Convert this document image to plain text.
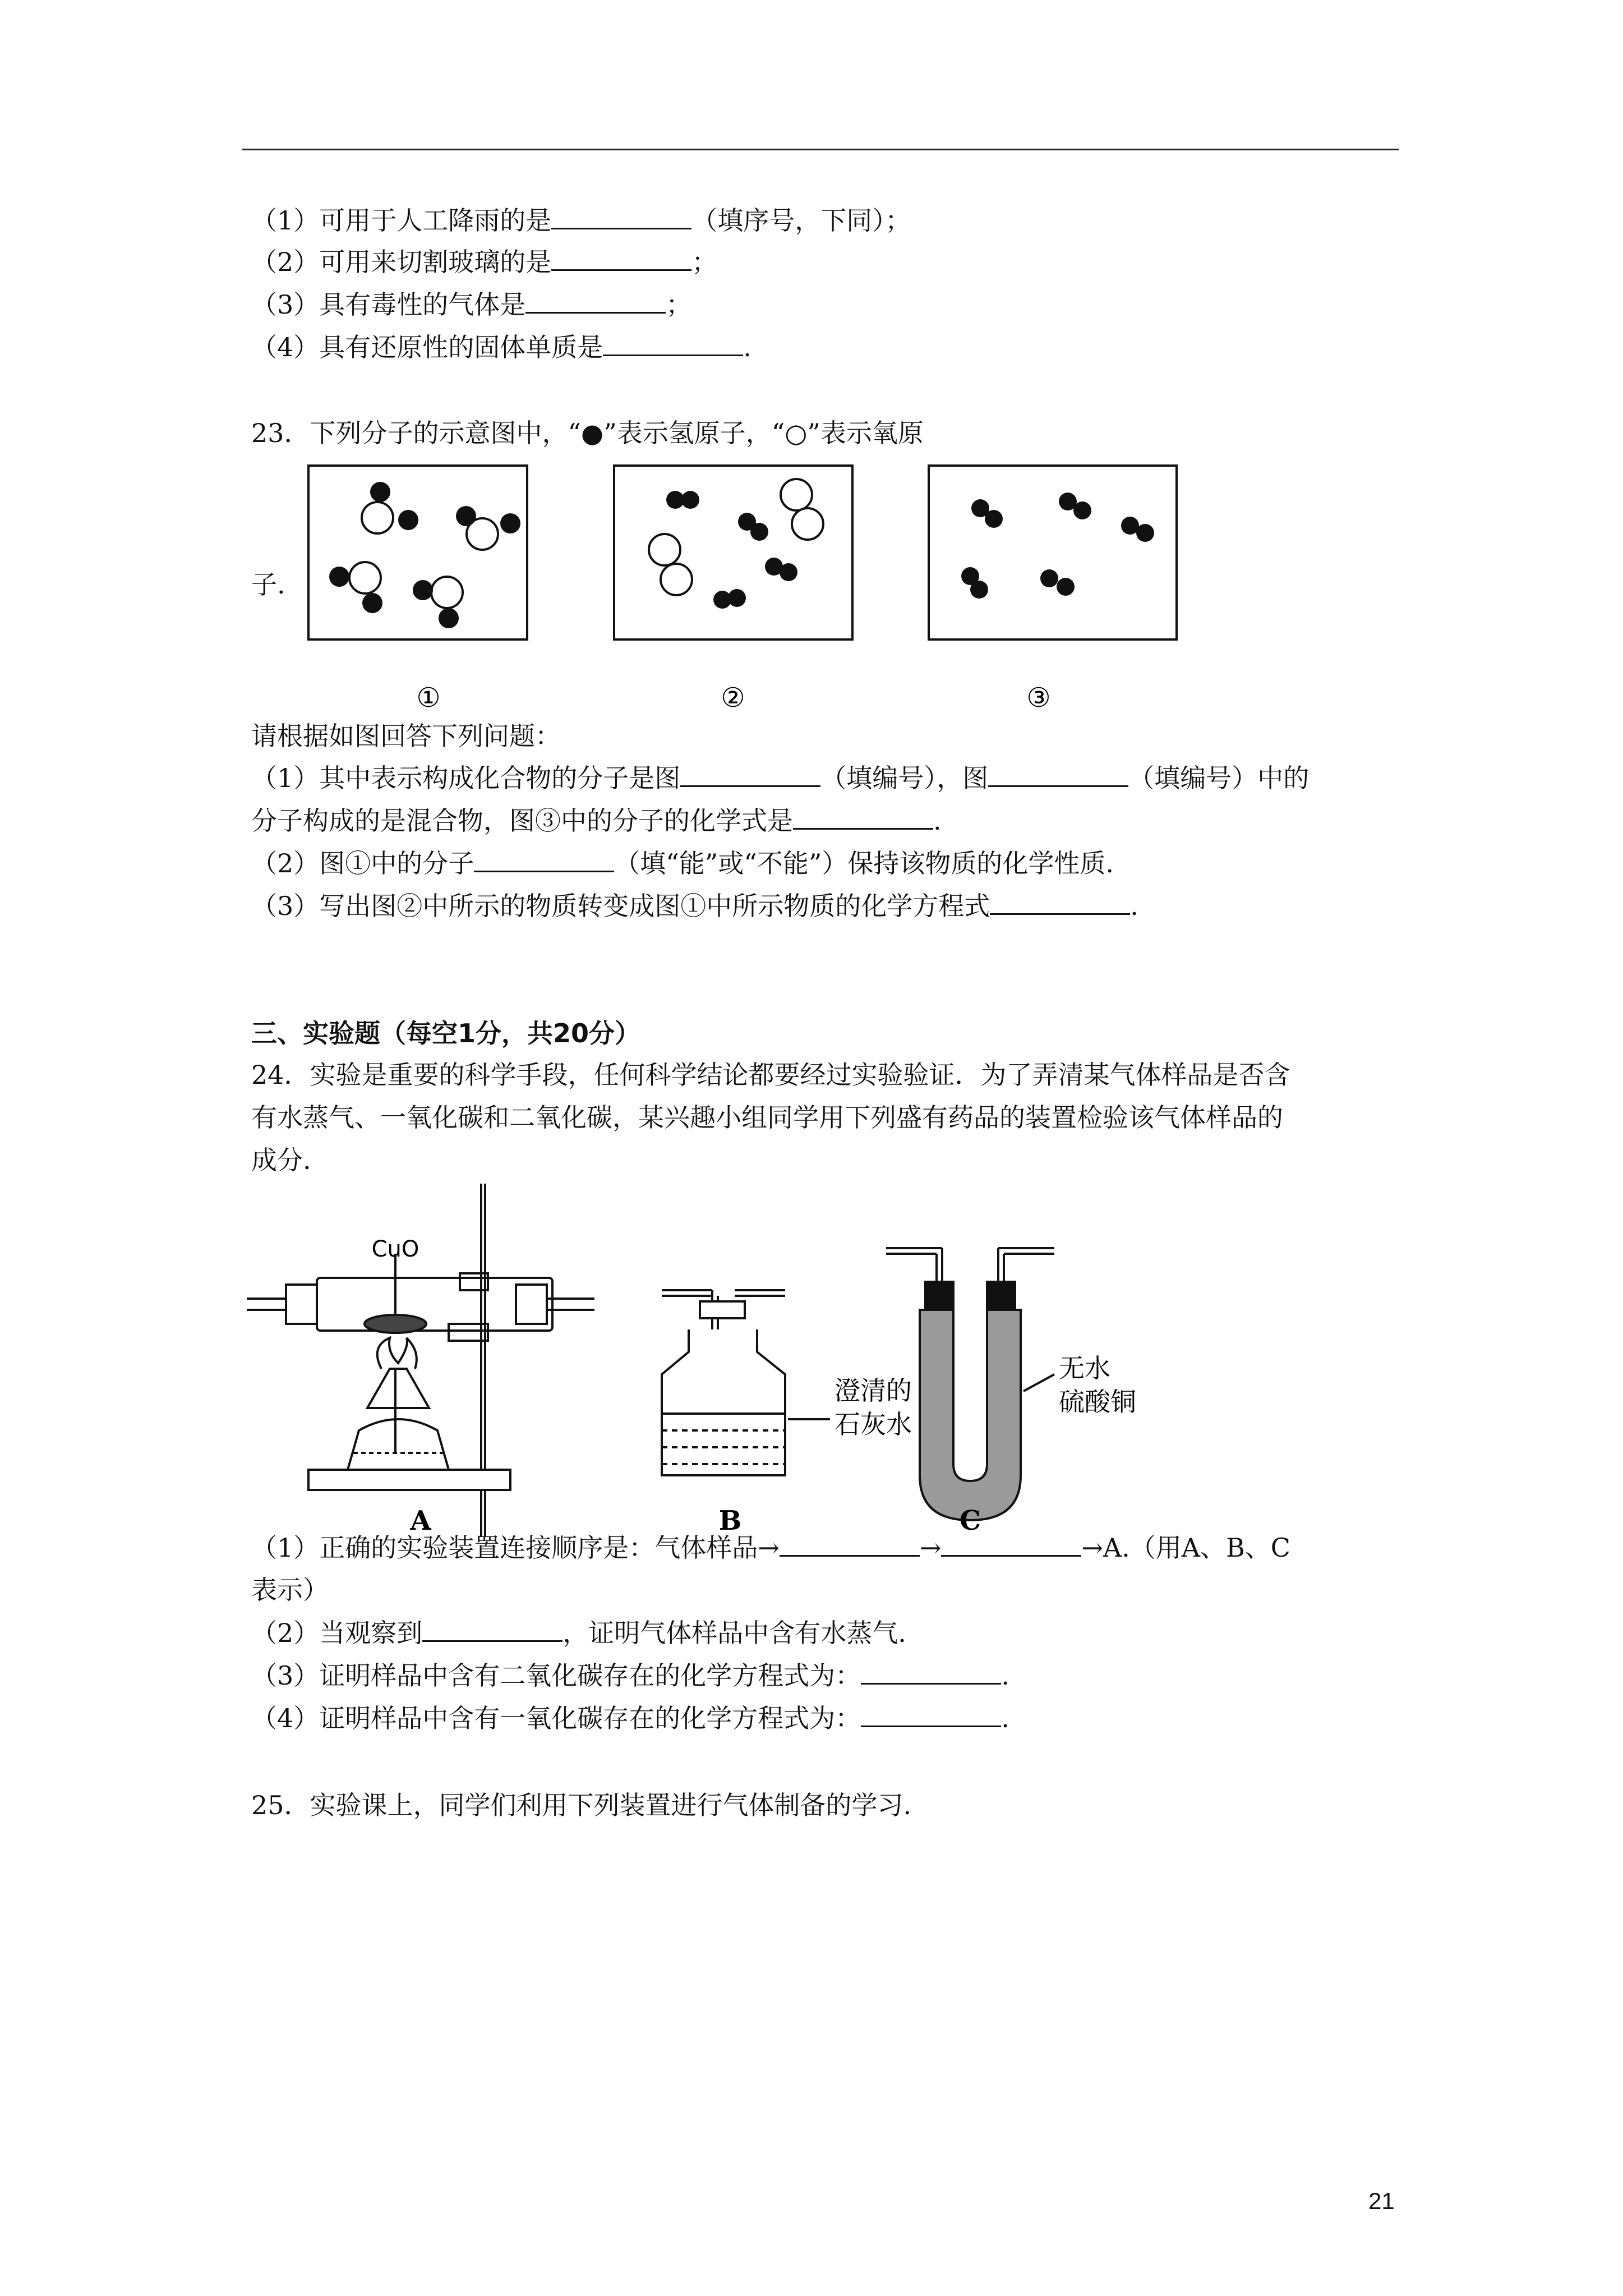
（1）可用于人工降雨的是	（填序号，下同）；
（2）可用来切割玻璃的是	；
（3）具有毒性的气体是	；
（4）具有还原性的固体单质是	.
23．下列分子的示意图中，“●”表示氢原子，“○”表示氧原
子.
①	②	③
请根据如图回答下列问题：
（1）其中表示构成化合物的分子是图	（填编号），图	（填编号）中的
分子构成的是混合物，图③中的分子的化学式是	.
（2）图①中的分子	（填“能”或“不能”）保持该物质的化学性质.
（3）写出图②中所示的物质转变成图①中所示物质的化学方程式	.
三、实验题（每空1分，共20分）
24．实验是重要的科学手段，任何科学结论都要经过实验验证．为了弄清某气体样品是否含
有水蒸气、一氧化碳和二氧化碳，某兴趣小组同学用下列盛有药品的装置检验该气体样品的
成分.
CuO
澄清的
石灰水
无水
硫酸铜
A	B	C
（1）正确的实验装置连接顺序是：气体样品→	→	→A.（用A、B、C
表示）
（2）当观察到	，证明气体样品中含有水蒸气.
（3）证明样品中含有二氧化碳存在的化学方程式为：	.
（4）证明样品中含有一氧化碳存在的化学方程式为：	.
25．实验课上，同学们利用下列装置进行气体制备的学习.
21
